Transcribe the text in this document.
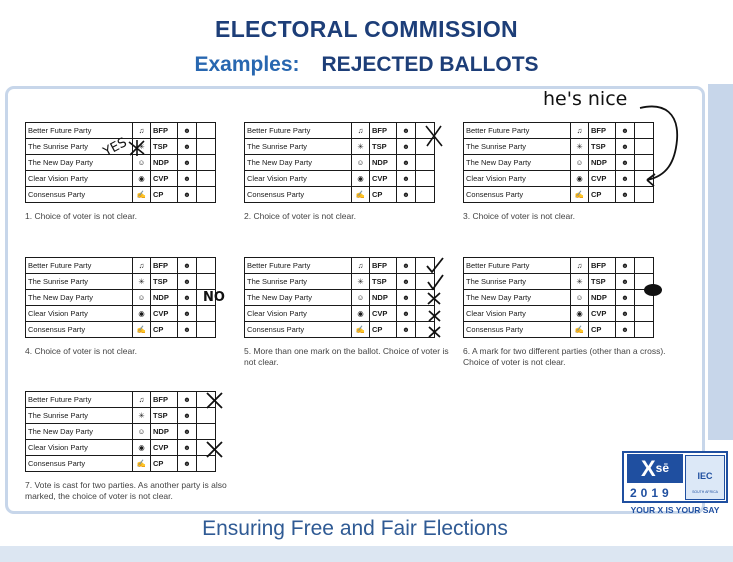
ELECTORAL COMMISSION
Examples: REJECTED BALLOTS
Better Future Party	♫	BFP	☻	
The Sunrise Party	✳	TSP	☻	
The New Day Party	☺	NDP	☻	
Clear Vision Party	◉	CVP	☻	
Consensus Party	✍	CP	☻	
1. Choice of voter is not clear.
Better Future Party	♫	BFP	☻	
The Sunrise Party	✳	TSP	☻	
The New Day Party	☺	NDP	☻	
Clear Vision Party	◉	CVP	☻	
Consensus Party	✍	CP	☻	
2. Choice of voter is not clear.
Better Future Party	♫	BFP	☻	
The Sunrise Party	✳	TSP	☻	
The New Day Party	☺	NDP	☻	
Clear Vision Party	◉	CVP	☻	
Consensus Party	✍	CP	☻	
3. Choice of voter is not clear.
Better Future Party	♫	BFP	☻	
The Sunrise Party	✳	TSP	☻	
The New Day Party	☺	NDP	☻	
Clear Vision Party	◉	CVP	☻	
Consensus Party	✍	CP	☻	
4. Choice of voter is not clear.
Better Future Party	♫	BFP	☻	
The Sunrise Party	✳	TSP	☻	
The New Day Party	☺	NDP	☻	
Clear Vision Party	◉	CVP	☻	
Consensus Party	✍	CP	☻	
5. More than one mark on the ballot. Choice of voter is not clear.
Better Future Party	♫	BFP	☻	
The Sunrise Party	✳	TSP	☻	
The New Day Party	☺	NDP	☻	
Clear Vision Party	◉	CVP	☻	
Consensus Party	✍	CP	☻	
6. A mark for two different parties (other than a cross). Choice of voter is not clear.
Better Future Party	♫	BFP	☻	
The Sunrise Party	✳	TSP	☻	
The New Day Party	☺	NDP	☻	
Clear Vision Party	◉	CVP	☻	
Consensus Party	✍	CP	☻	
7. Vote is cast for two parties. As another party is also marked, the choice of voter is not clear.
YES
he's nice
NO
Ensuring Free and Fair Elections
$X^{sē}$
2019
IEC
SOUTH AFRICA
YOUR X IS YOUR SAY
